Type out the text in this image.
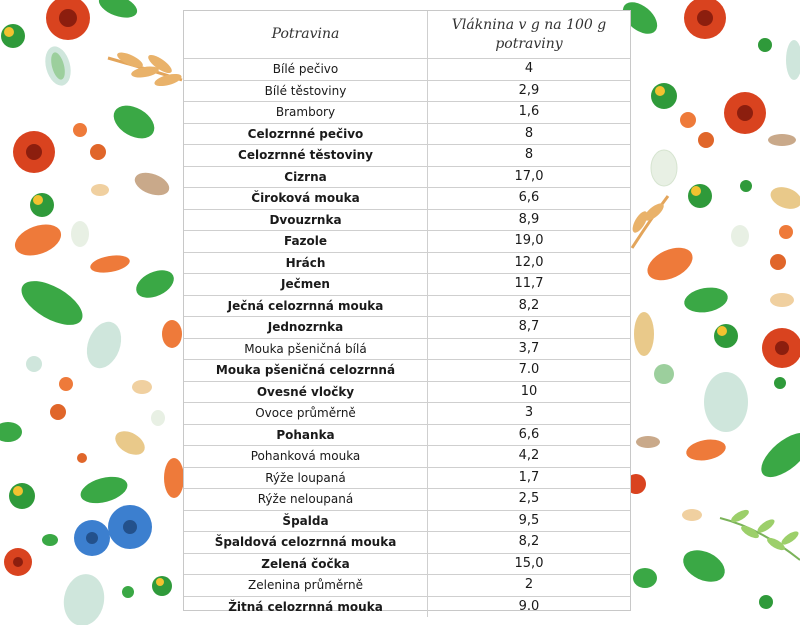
Potravina	Vláknina v g na 100 g potraviny
Bílé pečivo	4
Bílé těstoviny	2,9
Brambory	1,6
Celozrnné pečivo	8
Celozrnné těstoviny	8
Cizrna	17,0
Čiroková mouka	6,6
Dvouzrnka	8,9
Fazole	19,0
Hrách	12,0
Ječmen	11,7
Ječná celozrnná mouka	8,2
Jednozrnka	8,7
Mouka pšeničná bílá	3,7
Mouka pšeničná celozrnná	7.0
Ovesné vločky	10
Ovoce průměrně	3
Pohanka	6,6
Pohanková mouka	4,2
Rýže loupaná	1,7
Rýže neloupaná	2,5
Špalda	9,5
Špaldová celozrnná mouka	8,2
Zelená čočka	15,0
Zelenina průměrně	2
Žitná celozrnná mouka	9.0
